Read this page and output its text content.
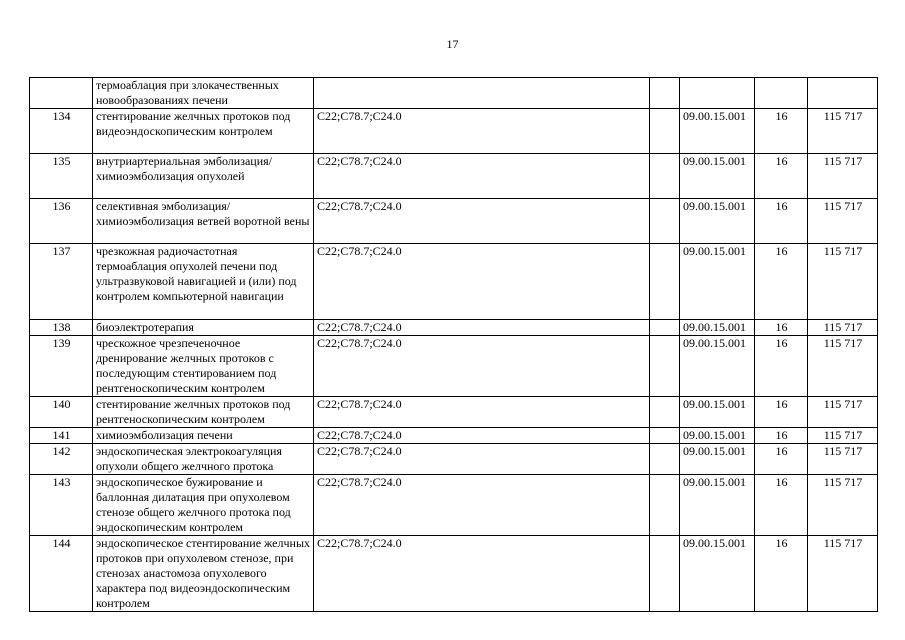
17
	термоаблация при злокачественных новообразованиях печени					
134	стентирование желчных протоков под видеоэндоскопическим контролем	C22;C78.7;C24.0		09.00.15.001	16	115 717
135	внутриартериальная эмболизация/химиоэмболизация опухолей	C22;C78.7;C24.0		09.00.15.001	16	115 717
136	селективная эмболизация/химиоэмболизация ветвей воротной вены	C22;C78.7;C24.0		09.00.15.001	16	115 717
137	чрезкожная радиочастотная термоаблация опухолей печени под ультразвуковой навигацией и (или) под контролем компьютерной навигации	C22;C78.7;C24.0		09.00.15.001	16	115 717
138	биоэлектротерапия	C22;C78.7;C24.0		09.00.15.001	16	115 717
139	чрескожное чрезпеченочное дренирование желчных протоков с последующим стентированием под рентгеноскопическим контролем	C22;C78.7;C24.0		09.00.15.001	16	115 717
140	стентирование желчных протоков под рентгеноскопическим контролем	C22;C78.7;C24.0		09.00.15.001	16	115 717
141	химиоэмболизация печени	C22;C78.7;C24.0		09.00.15.001	16	115 717
142	эндоскопическая электрокоагуляция опухоли общего желчного протока	C22;C78.7;C24.0		09.00.15.001	16	115 717
143	эндоскопическое бужирование и баллонная дилатация при опухолевом стенозе общего желчного протока под эндоскопическим контролем	C22;C78.7;C24.0		09.00.15.001	16	115 717
144	эндоскопическое стентирование желчных протоков при опухолевом стенозе, при стенозах анастомоза опухолевого характера под видеоэндоскопическим контролем	C22;C78.7;C24.0		09.00.15.001	16	115 717
